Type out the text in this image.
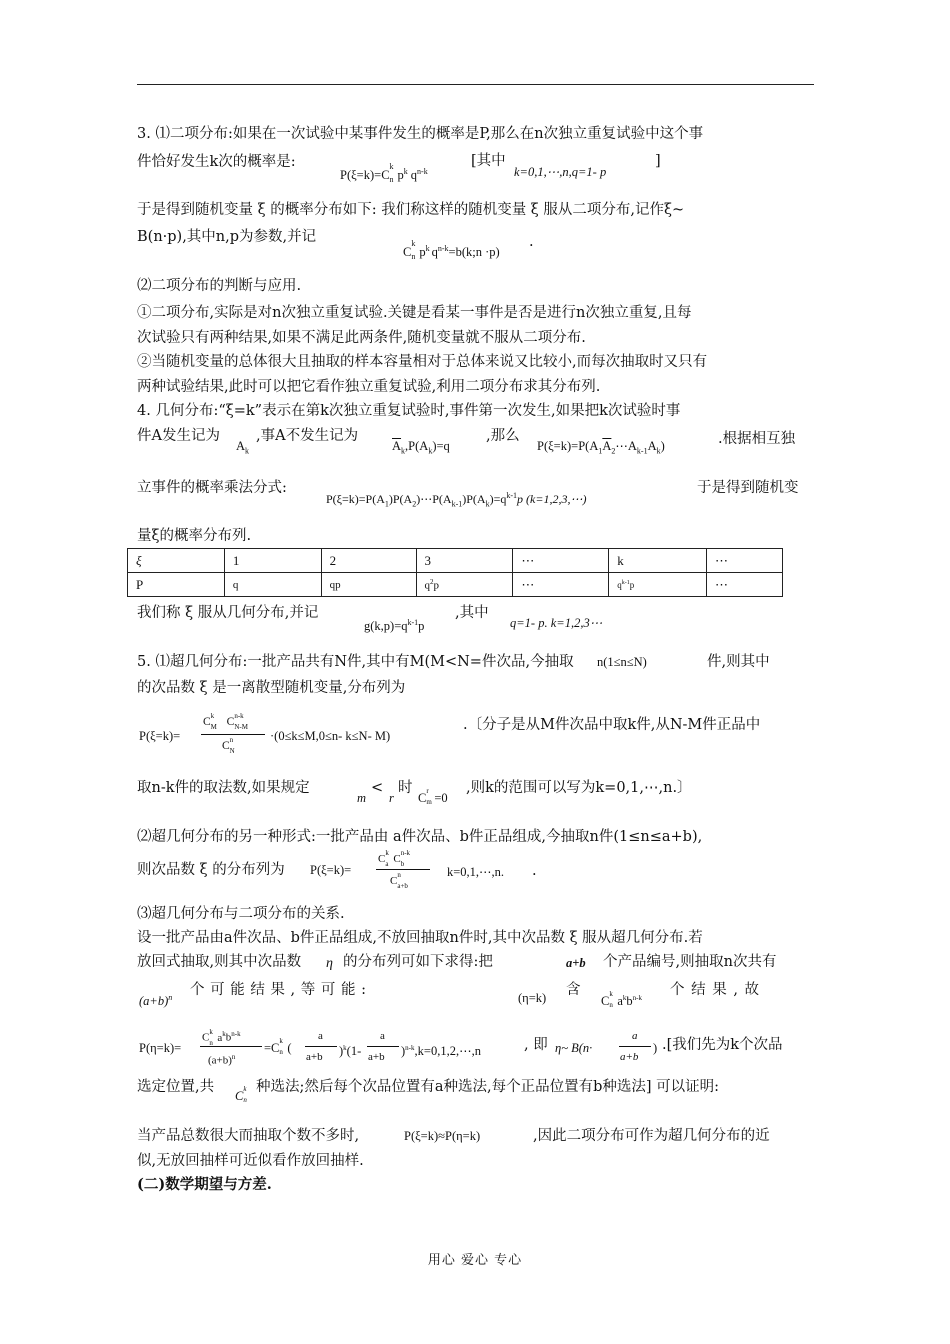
3. ⑴二项分布:如果在一次试验中某事件发生的概率是P,那么在n次独立重复试验中这个事
件恰好发生k次的概率是:
P(ξ=k)=C
k
n $p^k$ $q^{n-k}$
[其中
k=0,1,⋯,n,q=1- p
]
于是得到随机变量 ξ 的概率分布如下: 我们称这样的随机变量 ξ 服从二项分布,记作ξ~
B(n·p),其中n,p为参数,并记
C
k
n $p^k$ $q^{n-k}=b(k;n \cdot p)$
.
⑵二项分布的判断与应用.
①二项分布,实际是对n次独立重复试验.关键是看某一事件是否是进行n次独立重复,且每
次试验只有两种结果,如果不满足此两条件,随机变量就不服从二项分布.
②当随机变量的总体很大且抽取的样本容量相对于总体来说又比较小,而每次抽取时又只有
两种试验结果,此时可以把它看作独立重复试验,利用二项分布求其分布列.
4. 几何分布:“ξ=k”表示在第k次独立重复试验时,事件第一次发生,如果把k次试验时事
件A发生记为
$A_k$
,事A不发生记为
$\overline{A}_k,P(A_k)=q$
,那么
$P(\xi=k)=P(A_1\overline{A}_2\cdots A_{k-1}A_k)$	.根据相互独
立事件的概率乘法分式:
$P(\xi=k)=P(A_1)P(A_2)\cdots P(A_{k-1})P(A_k)=q^{k-1}p$ (k=1,2,3,⋯)
于是得到随机变
量ξ的概率分布列.
ξ	1	2	3	⋯	k	⋯
P	q	qp	$q^2p$	⋯	$q^{k-1}p$	⋯
我们称 ξ 服从几何分布,并记
$g(k,p)=q^{k-1}p$
,其中
q=1- p. k=1,2,3⋯
5. ⑴超几何分布:一批产品共有N件,其中有M(M<N=件次品,今抽取 n(1≤n≤N)	件,则其中
的次品数 ξ 是一离散型随机变量,分布列为
P(ξ=k)=
C k
M C n-k
N-M
C n
N
·(0≤k≤M,0≤n- k≤N- M)
.〔分子是从M件次品中取k件,从N-M件正品中
取n-k件的取法数,如果规定
m
<
r
时
C r
m =0
,则k的范围可以写为k=0,1,⋯,n.〕
⑵超几何分布的另一种形式:一批产品由 a件次品、b件正品组成,今抽取n件(1≤n≤a+b),
则次品数 ξ 的分布列为 P(ξ=k)=
C k
a C n-k
b
C n
a+b
k=0,1,⋯,n. .
⑶超几何分布与二项分布的关系.
设一批产品由a件次品、b件正品组成,不放回抽取n件时,其中次品数 ξ 服从超几何分布.若
放回式抽取,则其中次品数 η 的分布列可如下求得:把	a+b 个产品编号,则抽取n次共有
$(a+b)^n$ 个 可 能 结 果 , 等 可 能 :	(η=k) 含
C k
n $a^kb^{n-k}$ 个 结 果 , 故
P(η=k)=
C k
n $a^kb^{n-k}$
$(a+b)^n$
=C k
n (
a
a+b )$^k$(1-
a
a+b )$^{n-k}$,k=0,1,2,⋯,n	, 即 η~ B(n·
a
a+b
) .[我们先为k个次品
选定位置,共
C k
n
种选法;然后每个次品位置有a种选法,每个正品位置有b种选法] 可以证明:
当产品总数很大而抽取个数不多时,	P(ξ=k)≈P(η=k)	,因此二项分布可作为超几何分布的近
似,无放回抽样可近似看作放回抽样.
(二)数学期望与方差.
用心 爱心 专心
